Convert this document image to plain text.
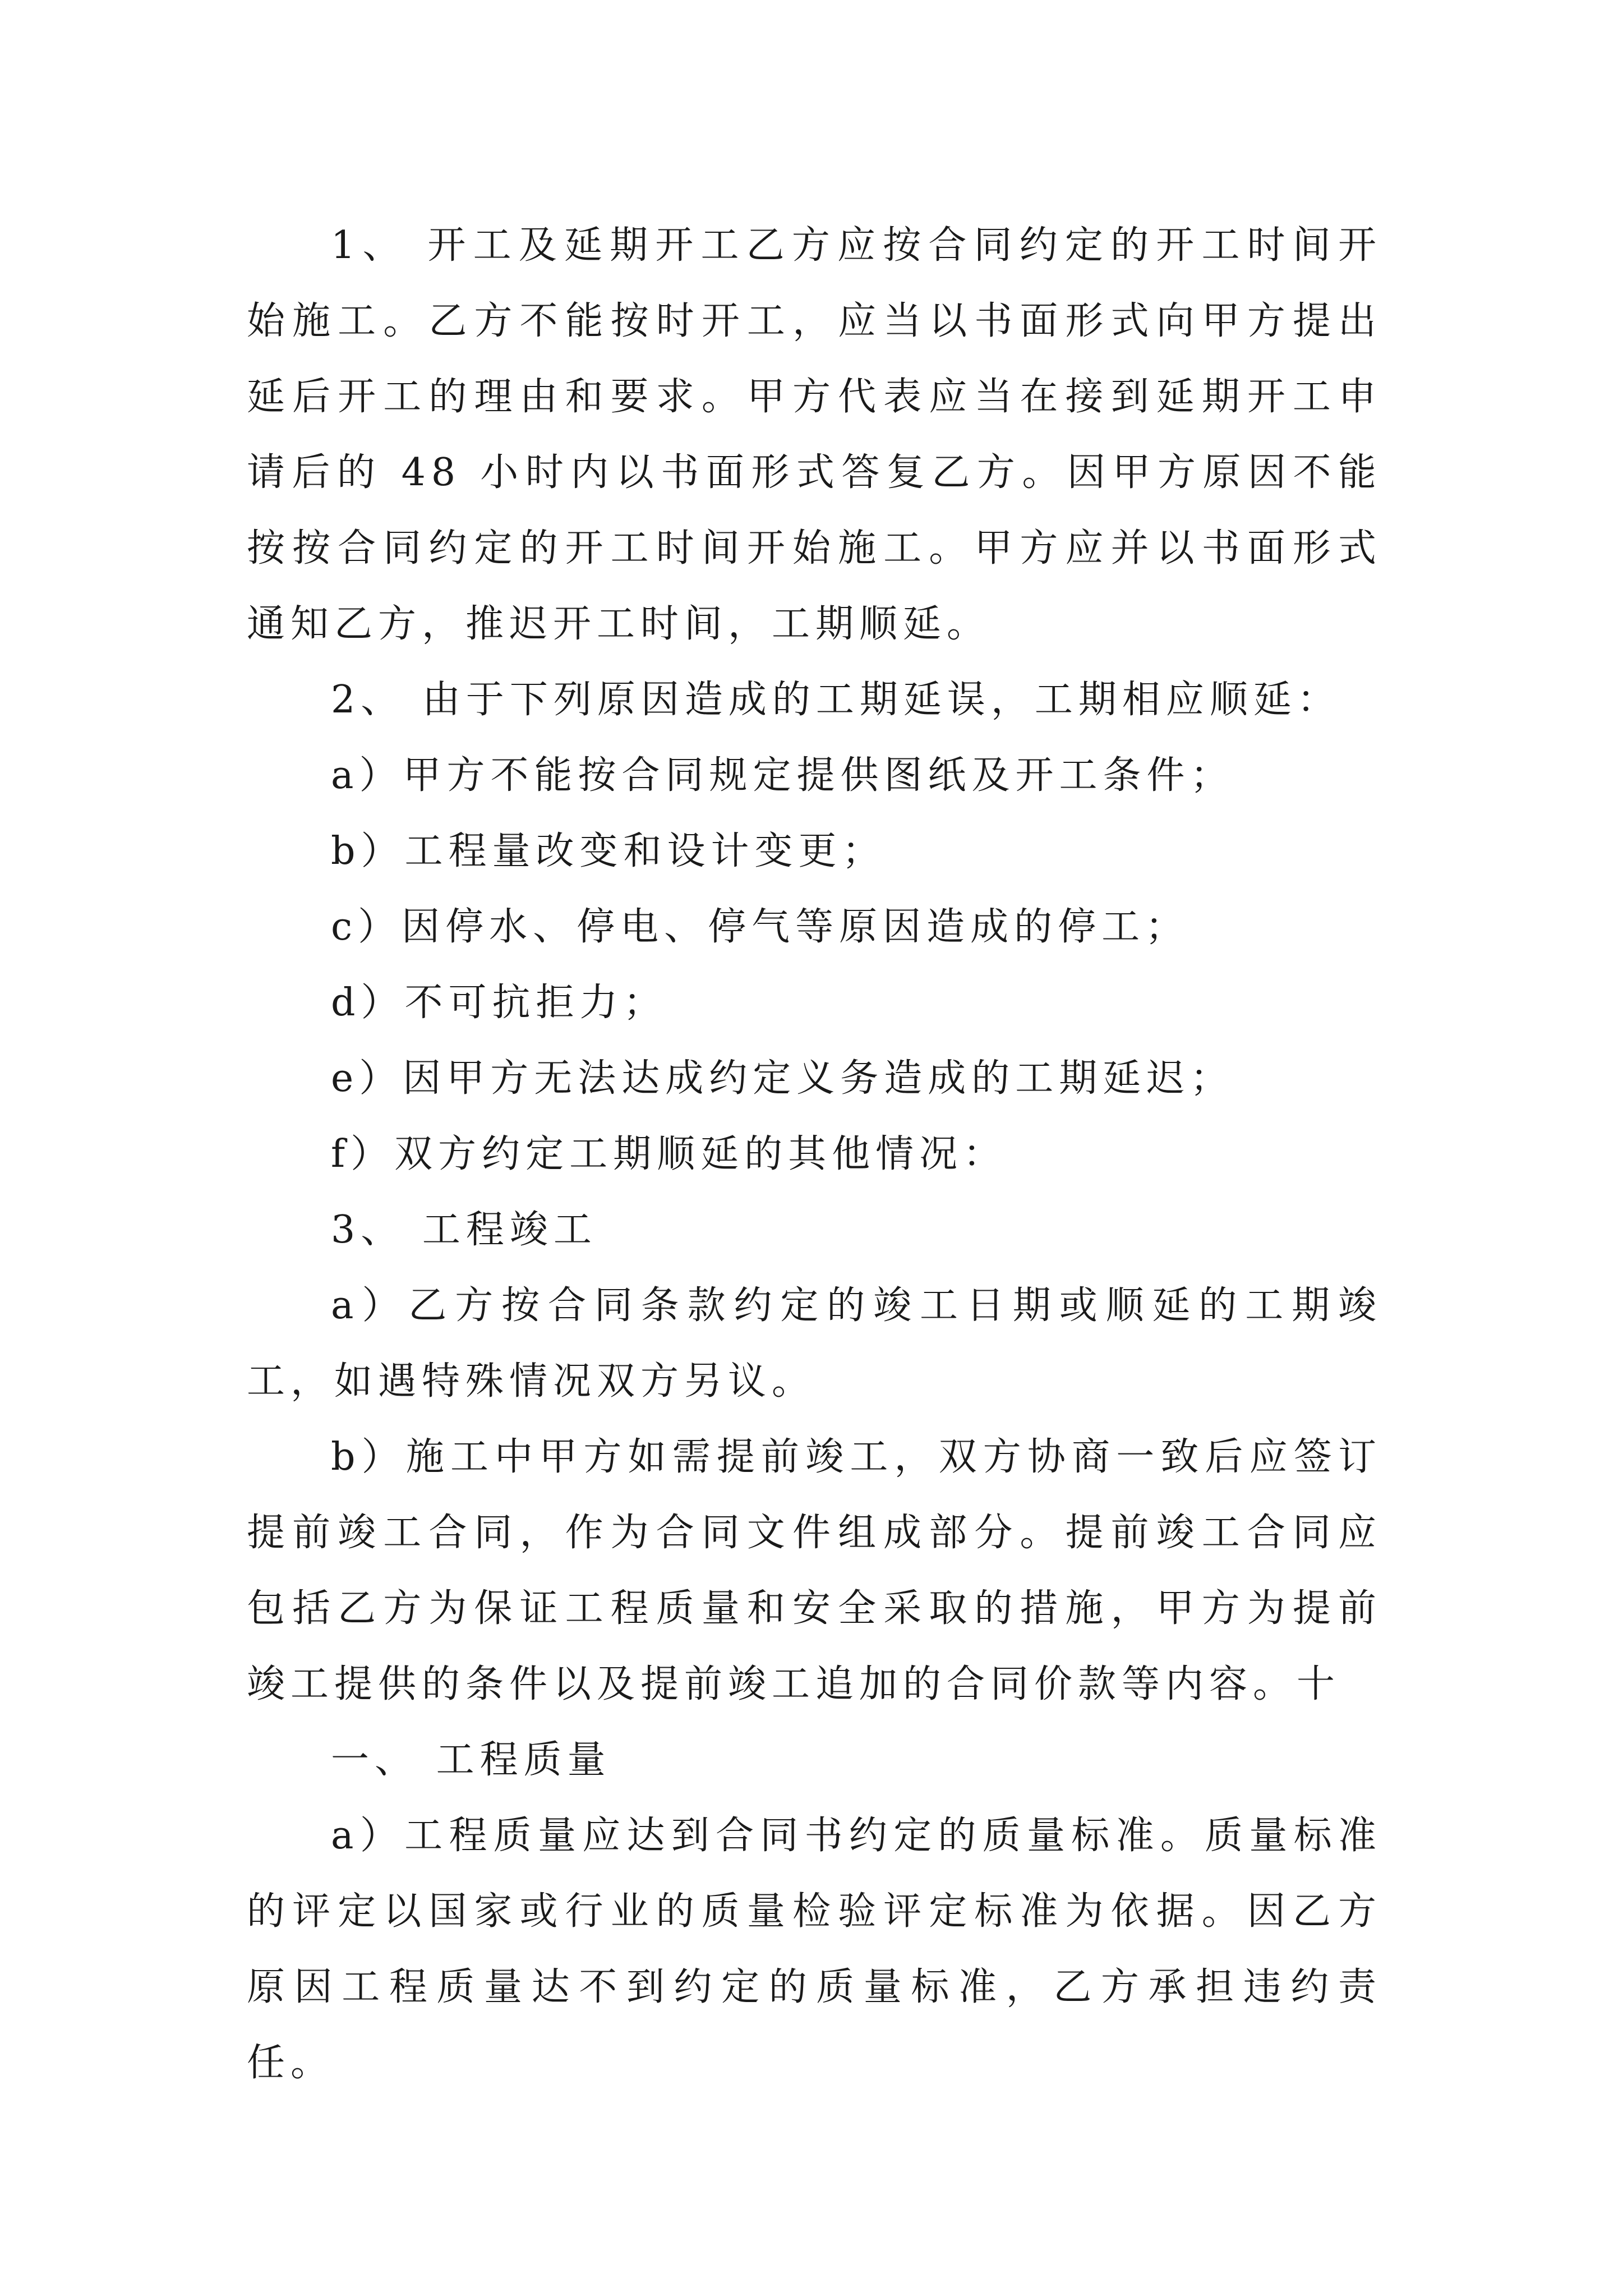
1、 开工及延期开工乙方应按合同约定的开工时间开始施工。乙方不能按时开工，应当以书面形式向甲方提出延后开工的理由和要求。甲方代表应当在接到延期开工申请后的 48 小时内以书面形式答复乙方。因甲方原因不能按按合同约定的开工时间开始施工。甲方应并以书面形式通知乙方，推迟开工时间，工期顺延。

2、 由于下列原因造成的工期延误，工期相应顺延：

a）甲方不能按合同规定提供图纸及开工条件；

b）工程量改变和设计变更；

c）因停水、停电、停气等原因造成的停工；

d）不可抗拒力；

e）因甲方无法达成约定义务造成的工期延迟；

f）双方约定工期顺延的其他情况：

3、 工程竣工

a）乙方按合同条款约定的竣工日期或顺延的工期竣工，如遇特殊情况双方另议。

b）施工中甲方如需提前竣工，双方协商一致后应签订提前竣工合同，作为合同文件组成部分。提前竣工合同应包括乙方为保证工程质量和安全采取的措施，甲方为提前竣工提供的条件以及提前竣工追加的合同价款等内容。十

一、 工程质量

a）工程质量应达到合同书约定的质量标准。质量标准的评定以国家或行业的质量检验评定标准为依据。因乙方原因工程质量达不到约定的质量标准，乙方承担违约责任。
